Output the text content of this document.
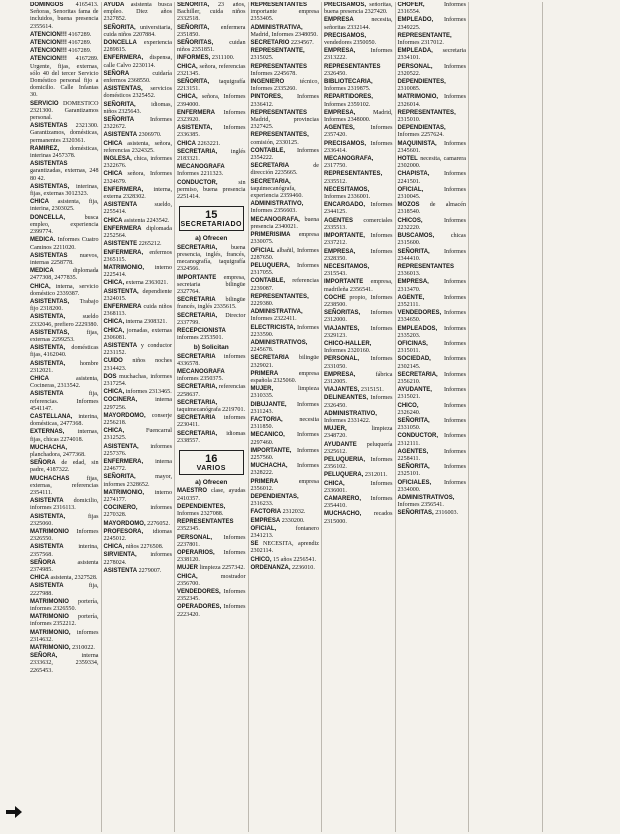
DOMINGOS 4165413. Señoras, Senoritas fama de incluidos, buena presencia 2355614.

ATENCION!!! 4167289.

ATENCION!!! 4167289.

ATENCION!!! 4167289.

ATENCION!!! 4167289. Urgente, fijas, externas, sólo 40 del tercer Servicio Doméstico personal fijo a domicilio. Calle Infantas 30.

SERVICIO DOMESTICO 2321300. Garantizamos personal.

ASISTENTAS 2321300. Garantizamos, domésticas, permanentes 2320361.

RAMIREZ, domésticas, interinas 2457378.

ASISTENTAS garantizadas, externas, 248 80 42.

ASISTENTAS, interinas, fijas, externas 3012323.

CHICA asistenta, fija, interina, 2303025.

DONCELLA, busca empleo, experiencia 2399774.

MEDICA. Informes Cuatro Caminos 2211020.

ASISTENTAS nuevos, internas 2258778.

MEDICA diplomada 2477308, 2477835.

CHICA, interna, servicio doméstico 2339387.

ASISTENTAS, Trabajo fijo 2318200.

ASISTENTA, sueldo 2332046, prefiero 2229380.

ASISTENTAS, fijas, externas 2299253.

ASISTENTA, domésticas fijas, 4162040.

ASISTENTA, hombre 2312021.

CHICA asistenta, Cocineras, 2313542.

ASISTENTA fija, referencias. Informes 4541147.

CASTELLANA, interina, domésticas, 2477368.

EXTERNAS, internas, fijas, chicas 2274018.

MUCHACHA, planchadora, 2477368.

SEÑORA de edad, sin padre, 4187322.

MUCHACHAS fijas, externas, referencias 2354111.

ASISTENTA domicilio, informes 2316113.

ASISTENTA, fijas 2325060.

MATRIMONIO Informes 2326550.

ASISTENTA interina, 2357568.

SEÑORA asistenta 2374985.

CHICA asistenta, 2327528.

ASISTENTA fija, 2227988.

MATRIMONIO portería, informes 2326550.

MATRIMONIO portería, informes 2352212.

MATRIMONIO, informes 2314632.

MATRIMONIO, 2310022.

SEÑORA, interna 2333632, 2359334, 2265453.

AYUDA asistenta busca empleo. Diez años 2327852.

SEÑORITA, universitaria, cuida niños 2207884.

DONCELLA experiencia 2289815.

ENFERMERA, dispensa, calle Calvo 2230114.

SEÑORA cuidaría enfermos 2368550.

ASISTENTAS, servicios domésticos 2325452.

SEÑORITA, idiomas, niños 2325643.

SEÑORITA Informes 2322672.

ASISTENTA 2306970.

CHICA asistenta, señora, referencias 2324325.

INGLESA, chica, informes 2322676.

CHICA señora, Informes 2324679.

ENFERMERA, interna, externa 2328302.

ASISTENTA sueldo, 2255414.

CHICA asistenta 2243542.

ENFERMERA diplomada 2252564.

ASISTENTE 2265212.

ENFERMERA, enfermos 2365115.

MATRIMONIO, interno 2225414.

CHICA, externa 2363021.

ASISTENTA, dependiente 2324015.

ENFERMERA cuida niños 2368113.

CHICA, interna 2308321.

CHICA, jornadas, externas 2306081.

ASISTENTA y conductor 2231152.

CUIDO niños noches 2314423.

DOS muchachas, informes 2317254.

CHICA, informes 2313465.

COCINERA, interna 2297256.

MAYORDOMO, conserje 2256218.

CHICA, Fuencarral 2312525.

ASISTENTA, informes 2257376.

ENFERMERA, interna 2246772.

SEÑORITA, mayor, informes 2328652.

MATRIMONIO, interno 2274177.

COCINERO, informes 2270328.

MAYORDOMO, 2276052.

PROFESORA, idiomas 2245012.

CHICA, niños 2276508.

SIRVIENTA, informes 2278024.

ASISTENTA 2279007.

SEÑORITA, 23 años, Bachiller, cuida niños 2332518.

SEÑORITA, enfermera 2351850.

SEÑORITAS, cuidan niños 2351851.

INFORMES, 2311100.

CHICA, señora, referencias 2321345.

SEÑORITA, taquigrafía 2213151.

CHICA, señora, Informes 2394000.

ENFERMERA Informes 2323920.

ASISTENTA, Informes 2336385.

CHICA 2263221.

SECRETARIA, inglés 2183321.

MECANOGRAFA Informes 2211323.

CONDUCTOR, sin permiso, buena presencia 2251414.

15
SECRETARIADO
a) Ofrecen

SECRETARIA, buena presencia, inglés, francés, mecanografía, taquigrafía 2324566.

IMPORTANTE empresa, secretaria bilingüe 2327764.

SECRETARIA bilingüe francés, inglés 2335615.

SECRETARIA, Director 2337799.

RECEPCIONISTA informes 2353501.

b) Solicitan

SECRETARIA informes 4336578.

MECANOGRAFA informes 2350375.

SECRETARIA, referencias 2258637.

SECRETARIA, taquimecanógrafa 2219701.

SECRETARIA informes 2230411.

SECRETARIA, idiomas 2338557.

16
VARIOS
a) Ofrecen

MAESTRO clase, ayudas 2410357.

DEPENDIENTES, Informes 2327088.

REPRESENTANTES 2352345.

PERSONAL, Informes 2237801.

OPERARIOS, Informes 2338120.

MUJER limpieza 2257342.

CHICA, mostrador 2356700.

VENDEDORES, Informes 2352345.

OPERADORES, Informes 2223420.

REPRESENTANTES importante empresa 2353405.

ADMINISTRATIVA, Madrid, Informes 2348050.

SECRETARIO 2234567.

REPRESENTANTE, 2315025.

REPRESENTANTES Informes 2245678.

INGENIERO técnico, Informes 2335260.

PINTORES, Informes 2336412.

REPRESENTANTES Madrid, provincias 2327425.

REPRESENTANTES, comisión, 2330125.

CONTABLE, Informes 2354222.

SECRETARIA de dirección 2235665.

SECRETARIA, taquimecanógrafa, experiencia 2359460.

ADMINISTRATIVO, Informes 2356603.

MECANOGRAFA, buena presencia 2340021.

PRIMERISIMA empresa 2330075.

OFICIAL albañil, Informes 2287650.

PELUQUERA, Informes 2317055.

CONTABLE, referencias 2239087.

REPRESENTANTES, 2229380.

ADMINISTRATIVA, Informes 2322411.

ELECTRICISTA, Informes 2233590.

ADMINISTRATIVOS, 2245678.

SECRETARIA bilingüe 2329021.

PRIMERA empresa española 2325060.

MUJER, limpieza 2310335.

DIBUJANTE, Informes 2311243.

FACTORIA, necesita 2311850.

MECANICO, Informes 2297460.

IMPORTANTE, Informes 2257560.

MUCHACHA, Informes 2328222.

PRIMERA empresa 2356012.

DEPENDIENTAS, 2316233.

FACTORIA 2312032.

EMPRESA 2330200.

OFICIAL, fontanero 2341213.

SE NECESITA, aprendiz 2302114.

CHICO, 15 años 2256541.

ORDENANZA, 2236010.

PRECISAMOS, señoritas, buena presencia 2327420.

EMPRESA necesita, señoritas 2332144.

PRECISAMOS, vendedores 2350050.

EMPRESA, Informes 2313222.

REPRESENTANTES 2326450.

BIBLIOTECARIA, Informes 2319875.

REPARTIDORES, Informes 2359102.

EMPRESA, Madrid, Informes 2348000.

AGENTES, Informes 2357420.

PRECISAMOS, Informes 2336414.

MECANOGRAFA, 2317750.

REPRESENTANTES, 2335512.

NECESITAMOS, Informes 2336001.

ENCARGADO, Informes 2344125.

AGENTES comerciales 2335513.

IMPORTANTE, Informes 2337212.

EMPRESA, Informes 2328350.

NECESITAMOS, 2315543.

IMPORTANTE empresa, madrileña 2356541.

COCHE propio, Informes 2238500.

SEÑORITAS, Informes 2312000.

VIAJANTES, Informes 2329123.

CHICO-HALLER, Informes 2320160.

PERSONAL, Informes 2331050.

EMPRESA, fábrica 2312005.

VIAJANTES, 2315151.

DELINEANTES, Informes 2326450.

ADMINISTRATIVO, Informes 2331422.

MUJER, limpieza 2348720.

AYUDANTE peluquería 2325612.

PELUQUERIA, Informes 2356102.

PELUQUERA, 2312011.

CHICA, Informes 2336001.

CAMARERO, Informes 2354410.

MUCHACHO, recados 2315000.

CHOFER, Informes 2316554.

EMPLEADO, Informes 2349225.

REPRESENTANTE, Informes 2317012.

EMPLEADA, secretaria 2334101.

PERSONAL, Informes 2320522.

DEPENDIENTES, 2310085.

MATRIMONIO, Informes 2326014.

REPRESENTANTES, 2315010.

DEPENDIENTAS, Informes 2257624.

MAQUINISTA, Informes 2345601.

HOTEL necesita, camarera 2302000.

CHAPISTA, Informes 2241501.

OFICIAL, Informes 2310045.

MOZOS de almacén 2318540.

CHICOS, Informes 2232220.

BUSCAMOS, chicas 2315600.

SEÑORITA, Informes 2344410.

REPRESENTANTES 2336013.

EMPRESA, Informes 2313470.

AGENTE, Informes 2352111.

VENDEDORES, Informes 2334650.

EMPLEADOS, Informes 2335203.

OFICINAS, Informes 2315011.

SOCIEDAD, Informes 2302145.

SECRETARIA, Informes 2356210.

AYUDANTE, Informes 2315021.

CHICO, Informes 2326240.

SEÑORITA, Informes 2331050.

CONDUCTOR, Informes 2312111.

AGENTES, Informes 2258411.

SEÑORITA, Informes 2325101.

OFICIALES, Informes 2334000.

ADMINISTRATIVOS, Informes 2356541.

SEÑORITAS, 2316003.
